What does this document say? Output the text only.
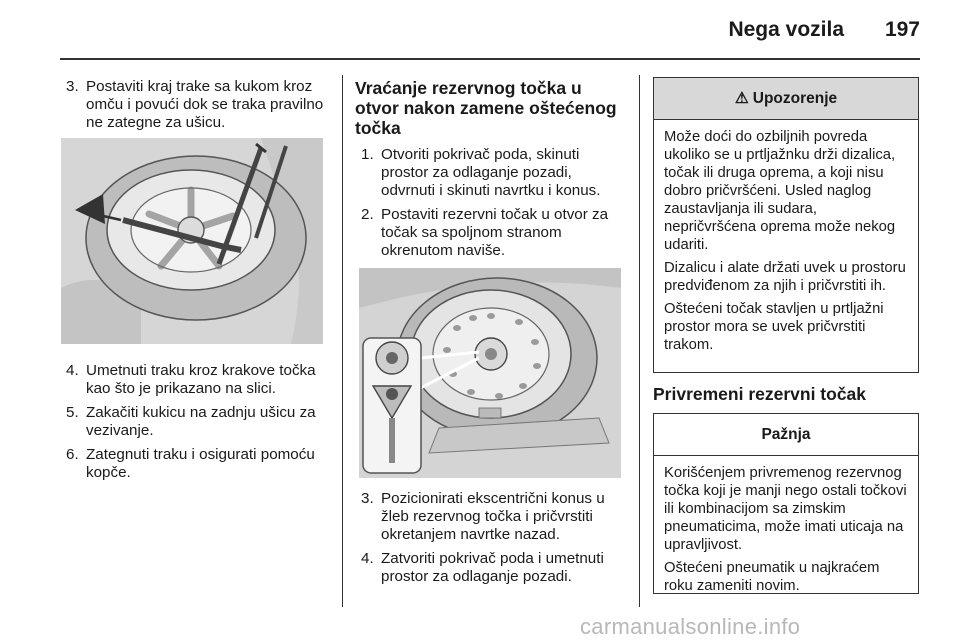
Nega vozila 197
3. Postaviti kraj trake sa kukom kroz omču i povući dok se traka pravilno ne zategne za ušicu.
4. Umetnuti traku kroz krakove točka kao što je prikazano na slici.
5. Zakačiti kukicu na zadnju ušicu za vezivanje.
6. Zategnuti traku i osigurati pomoću kopče.
Vraćanje rezervnog točka u otvor nakon zamene oštećenog točka
1. Otvoriti pokrivač poda, skinuti prostor za odlaganje pozadi, odvrnuti i skinuti navrtku i konus.
2. Postaviti rezervni točak u otvor za točak sa spoljnom stranom okrenutom naviše.
3. Pozicionirati ekscentrični konus u žleb rezervnog točka i pričvrstiti okretanjem navrtke nazad.
4. Zatvoriti pokrivač poda i umetnuti prostor za odlaganje pozadi.
⚠ Upozorenje

Može doći do ozbiljnih povreda ukoliko se u prtljažnku drži dizalica, točak ili druga oprema, a koji nisu dobro pričvršćeni. Usled naglog zaustavljanja ili sudara, nepričvršćena oprema može nekog udariti.

Dizalicu i alate držati uvek u prostoru predviđenom za njih i pričvrstiti ih.

Oštećeni točak stavljen u prtljažni prostor mora se uvek pričvrstiti trakom.

Privremeni rezervni točak
Pažnja

Korišćenjem privremenog rezervnog točka koji je manji nego ostali točkovi ili kombinacijom sa zimskim pneumaticima, može imati uticaja na upravljivost.

Oštećeni pneumatik u najkraćem roku zameniti novim.

carmanualsonline.info
